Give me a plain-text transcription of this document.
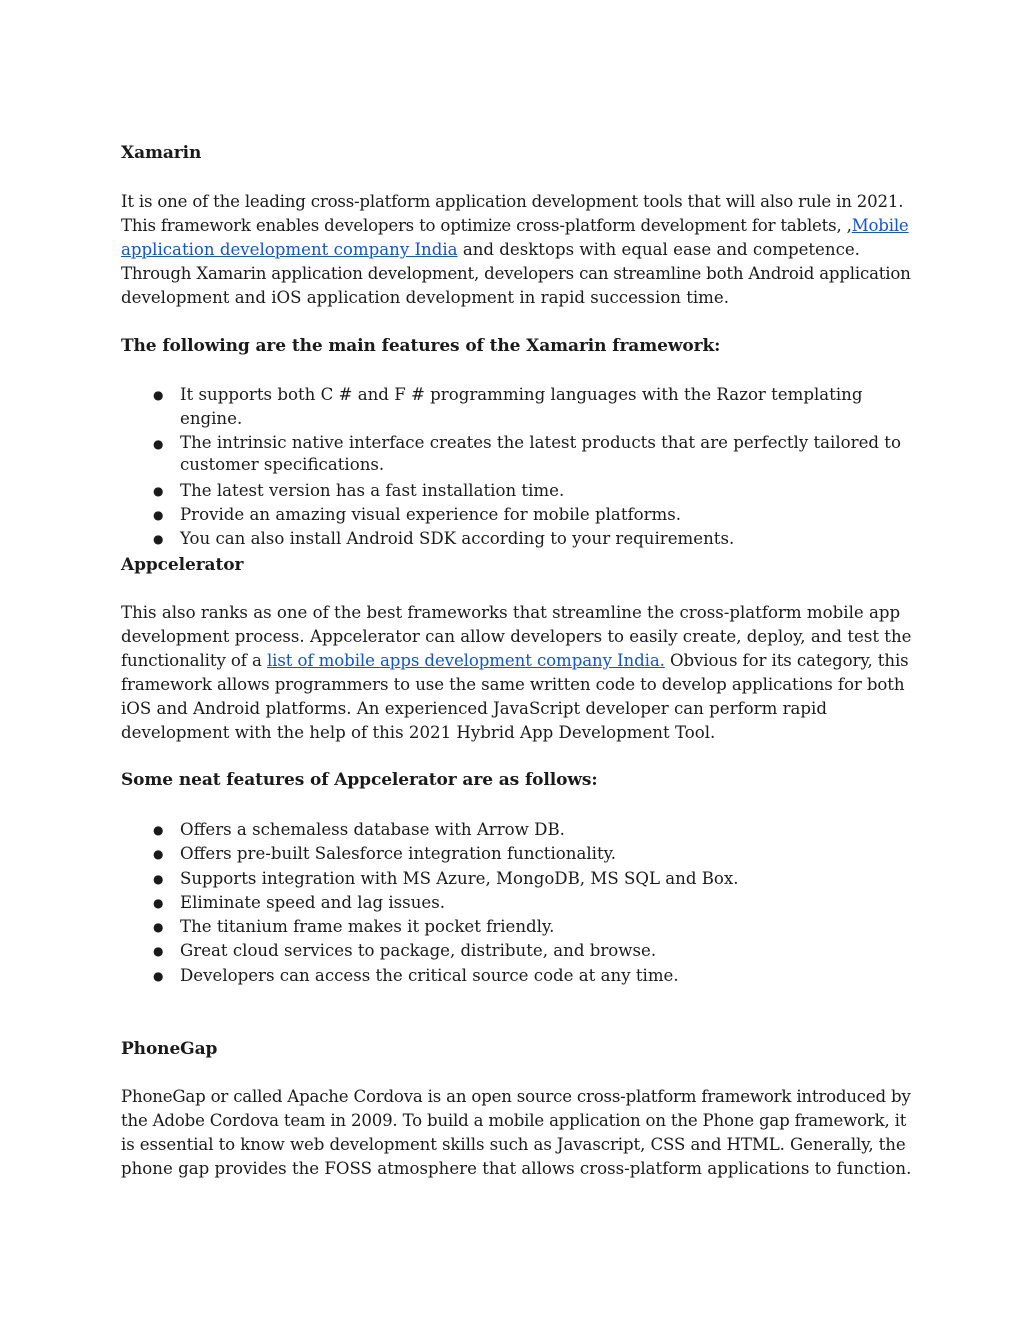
Xamarin
It is one of the leading cross-platform application development tools that will also rule in 2021.
This framework enables developers to optimize cross-platform development for tablets, ,Mobile
application development company India and desktops with equal ease and competence.
Through Xamarin application development, developers can streamline both Android application
development and iOS application development in rapid succession time.
The following are the main features of the Xamarin framework:
● It supports both C # and F # programming languages with the Razor templating engine.
● The intrinsic native interface creates the latest products that are perfectly tailored to
customer specifications.
● The latest version has a fast installation time.
● Provide an amazing visual experience for mobile platforms.
● You can also install Android SDK according to your requirements.
Appcelerator
This also ranks as one of the best frameworks that streamline the cross-platform mobile app
development process. Appcelerator can allow developers to easily create, deploy, and test the
functionality of a list of mobile apps development company India. Obvious for its category, this
framework allows programmers to use the same written code to develop applications for both
iOS and Android platforms. An experienced JavaScript developer can perform rapid
development with the help of this 2021 Hybrid App Development Tool.
Some neat features of Appcelerator are as follows:
● Offers a schemaless database with Arrow DB.
● Offers pre-built Salesforce integration functionality.
● Supports integration with MS Azure, MongoDB, MS SQL and Box.
● Eliminate speed and lag issues.
● The titanium frame makes it pocket friendly.
● Great cloud services to package, distribute, and browse.
● Developers can access the critical source code at any time.
PhoneGap
PhoneGap or called Apache Cordova is an open source cross-platform framework introduced by
the Adobe Cordova team in 2009. To build a mobile application on the Phone gap framework, it
is essential to know web development skills such as Javascript, CSS and HTML. Generally, the
phone gap provides the FOSS atmosphere that allows cross-platform applications to function.
